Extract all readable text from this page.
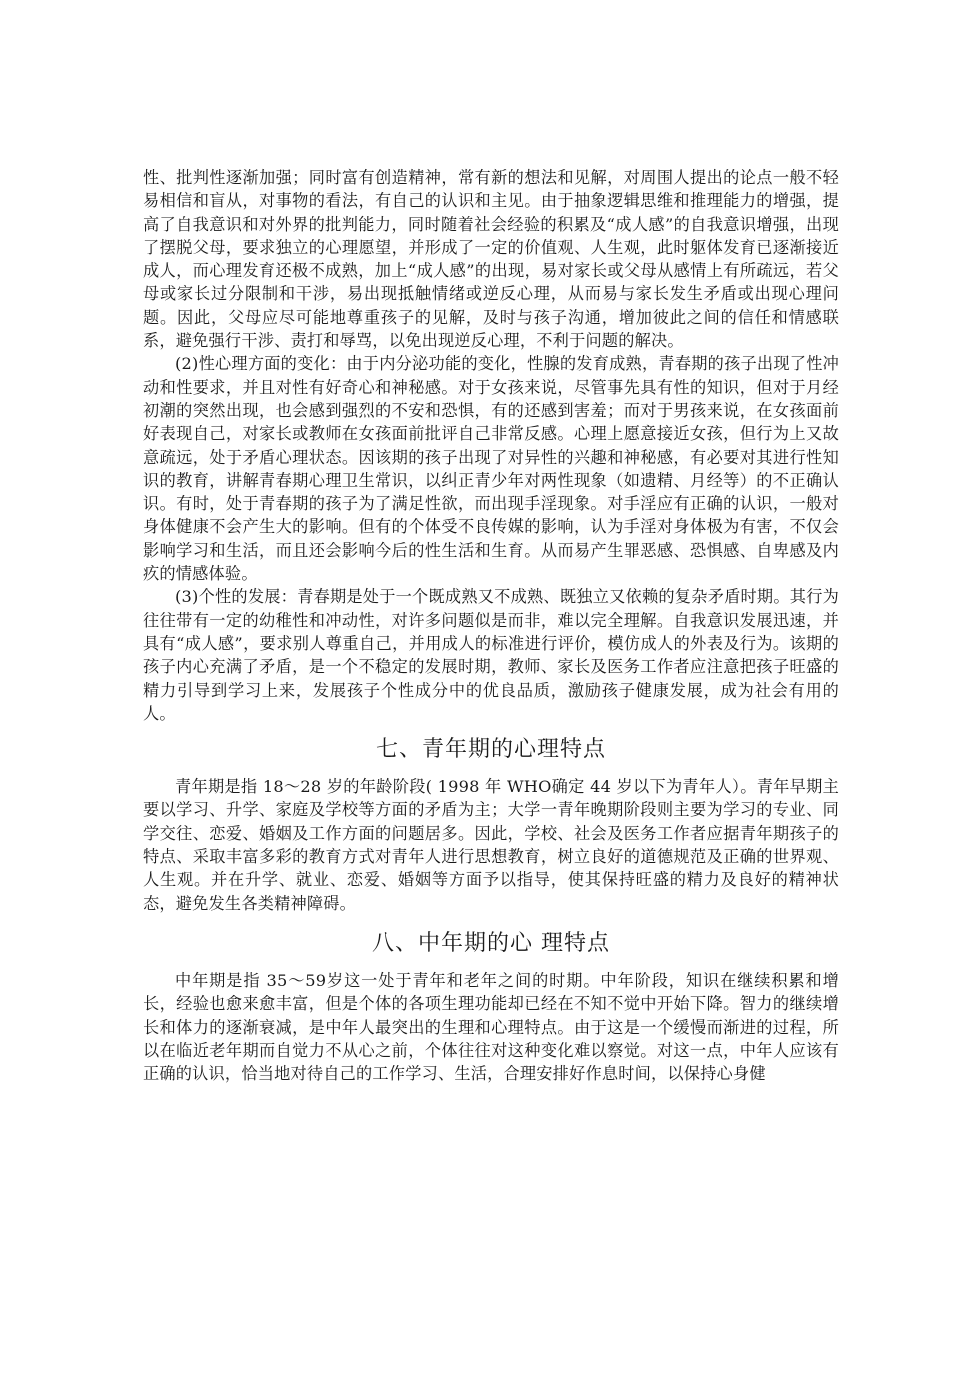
性、批判性逐渐加强；同时富有创造精神，常有新的想法和见解，对周围人提出的论点一般不轻易相信和盲从，对事物的看法，有自己的认识和主见。由于抽象逻辑思维和推理能力的增强，提高了自我意识和对外界的批判能力，同时随着社会经验的积累及“成人感”的自我意识增强，出现了摆脱父母，要求独立的心理愿望，并形成了一定的价值观、人生观，此时躯体发育已逐渐接近成人，而心理发育还极不成熟，加上“成人感”的出现，易对家长或父母从感情上有所疏远，若父母或家长过分限制和干涉，易出现抵触情绪或逆反心理，从而易与家长发生矛盾或出现心理问题。因此，父母应尽可能地尊重孩子的见解，及时与孩子沟通，增加彼此之间的信任和情感联系，避免强行干涉、责打和辱骂，以免出现逆反心理，不利于问题的解决。

(2)性心理方面的变化：由于内分泌功能的变化，性腺的发育成熟，青春期的孩子出现了性冲动和性要求，并且对性有好奇心和神秘感。对于女孩来说，尽管事先具有性的知识，但对于月经初潮的突然出现，也会感到强烈的不安和恐惧，有的还感到害羞；而对于男孩来说，在女孩面前好表现自己，对家长或教师在女孩面前批评自己非常反感。心理上愿意接近女孩，但行为上又故意疏远，处于矛盾心理状态。因该期的孩子出现了对异性的兴趣和神秘感，有必要对其进行性知识的教育，讲解青春期心理卫生常识，以纠正青少年对两性现象（如遗精、月经等）的不正确认识。有时，处于青春期的孩子为了满足性欲，而出现手淫现象。对手淫应有正确的认识，一般对身体健康不会产生大的影响。但有的个体受不良传媒的影响，认为手淫对身体极为有害，不仅会影响学习和生活，而且还会影响今后的性生活和生育。从而易产生罪恶感、恐惧感、自卑感及内疚的情感体验。

(3)个性的发展：青春期是处于一个既成熟又不成熟、既独立又依赖的复杂矛盾时期。其行为往往带有一定的幼稚性和冲动性，对许多问题似是而非，难以完全理解。自我意识发展迅速，并具有“成人感”，要求别人尊重自己，并用成人的标准进行评价，模仿成人的外表及行为。该期的孩子内心充满了矛盾，是一个不稳定的发展时期，教师、家长及医务工作者应注意把孩子旺盛的精力引导到学习上来，发展孩子个性成分中的优良品质，激励孩子健康发展，成为社会有用的人。

七、青年期的心理特点

青年期是指 18～28 岁的年龄阶段( 1998 年 WHO确定 44 岁以下为青年人）。青年早期主要以学习、升学、家庭及学校等方面的矛盾为主；大学一青年晚期阶段则主要为学习的专业、同学交往、恋爱、婚姻及工作方面的问题居多。因此，学校、社会及医务工作者应据青年期孩子的特点、采取丰富多彩的教育方式对青年人进行思想教育，树立良好的道德规范及正确的世界观、人生观。并在升学、就业、恋爱、婚姻等方面予以指导，使其保持旺盛的精力及良好的精神状态，避免发生各类精神障碍。

八、中年期的心 理特点

中年期是指 35～59岁这一处于青年和老年之间的时期。中年阶段，知识在继续积累和增长，经验也愈来愈丰富，但是个体的各项生理功能却已经在不知不觉中开始下降。智力的继续增长和体力的逐渐衰减，是中年人最突出的生理和心理特点。由于这是一个缓慢而渐进的过程，所以在临近老年期而自觉力不从心之前，个体往往对这种变化难以察觉。对这一点，中年人应该有正确的认识，恰当地对待自己的工作学习、生活，合理安排好作息时间，以保持心身健
